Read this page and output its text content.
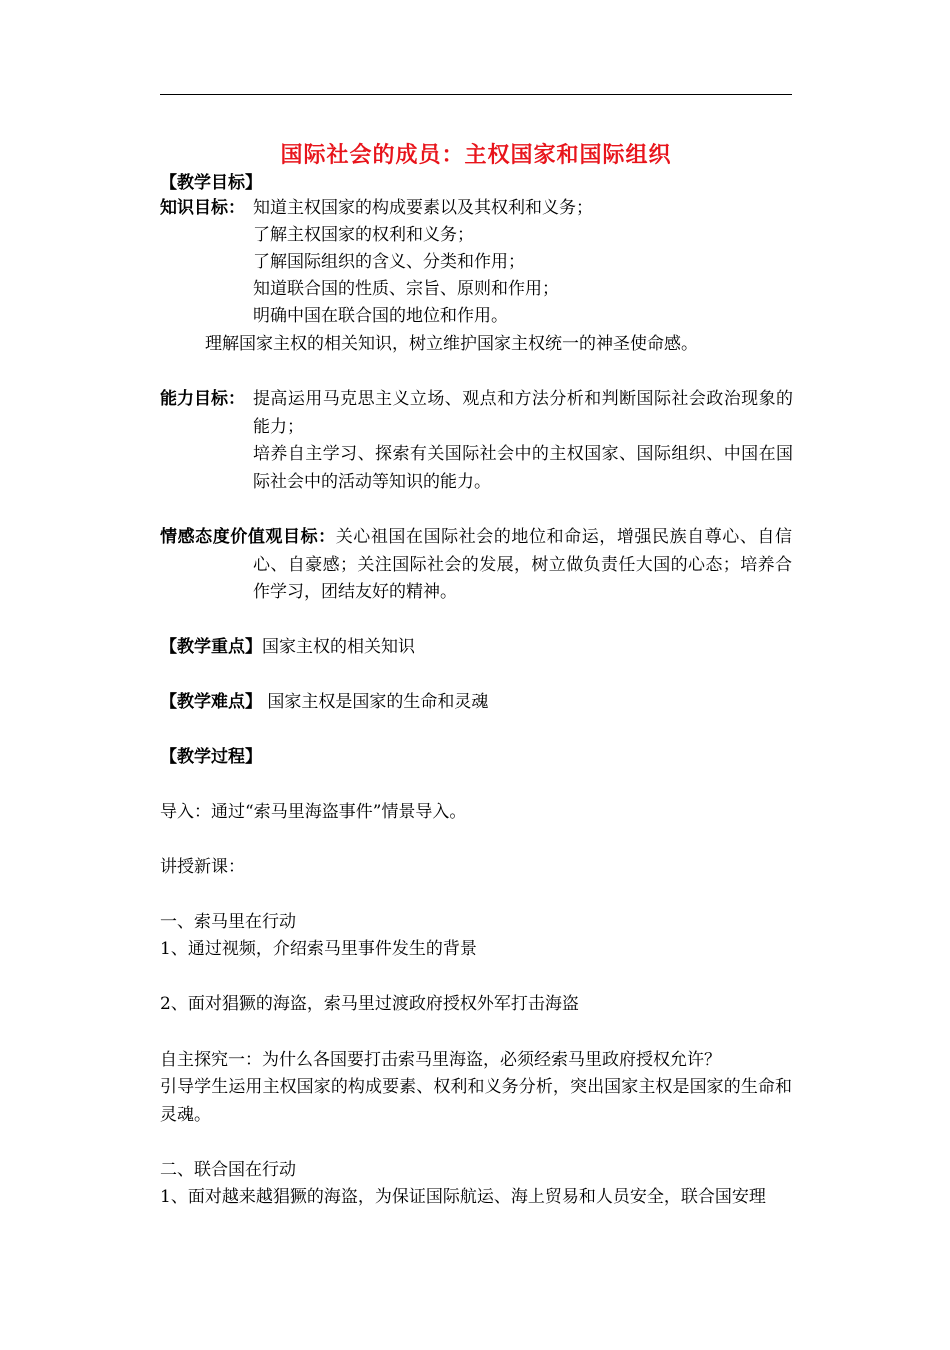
国际社会的成员：主权国家和国际组织
【教学目标】
知识目标： 知道主权国家的构成要素以及其权利和义务；
了解主权国家的权利和义务；
了解国际组织的含义、分类和作用；
知道联合国的性质、宗旨、原则和作用；
明确中国在联合国的地位和作用。
理解国家主权的相关知识，树立维护国家主权统一的神圣使命感。
能力目标： 提高运用马克思主义立场、观点和方法分析和判断国际社会政治现象的能力；
培养自主学习、探索有关国际社会中的主权国家、国际组织、中国在国际社会中的活动等知识的能力。
情感态度价值观目标：关心祖国在国际社会的地位和命运，增强民族自尊心、自信心、自豪感；关注国际社会的发展，树立做负责任大国的心态；培养合作学习，团结友好的精神。
【教学重点】国家主权的相关知识
【教学难点】 国家主权是国家的生命和灵魂
【教学过程】
导入：通过“索马里海盗事件”情景导入。
讲授新课：
一、索马里在行动
1、通过视频，介绍索马里事件发生的背景
2、面对猖獗的海盗，索马里过渡政府授权外军打击海盗
自主探究一：为什么各国要打击索马里海盗，必须经索马里政府授权允许？
引导学生运用主权国家的构成要素、权利和义务分析，突出国家主权是国家的生命和灵魂。
二、联合国在行动
1、面对越来越猖獗的海盗，为保证国际航运、海上贸易和人员安全，联合国安理
